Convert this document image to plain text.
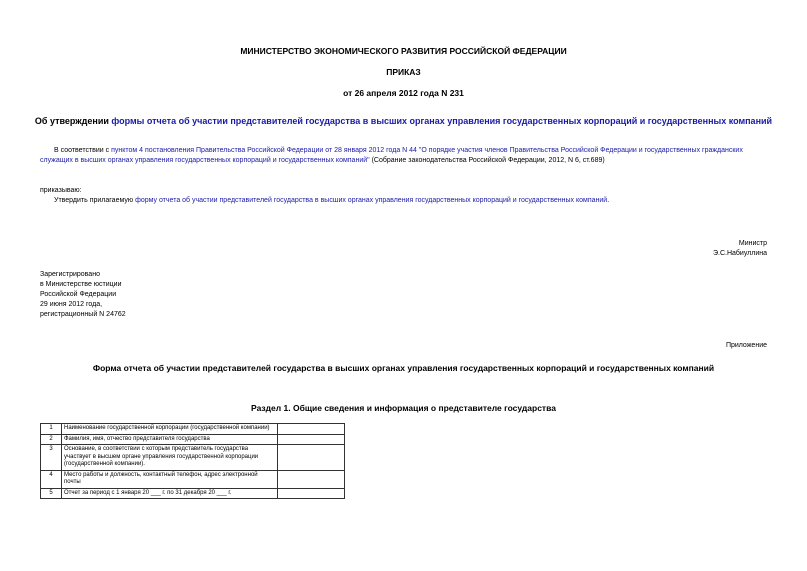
МИНИСТЕРСТВО ЭКОНОМИЧЕСКОГО РАЗВИТИЯ РОССИЙСКОЙ ФЕДЕРАЦИИ
ПРИКАЗ
от 26 апреля 2012 года N 231
Об утверждении формы отчета об участии представителей государства в высших органах управления государственных корпораций и государственных компаний
В соответствии с пунктом 4 постановления Правительства Российской Федерации от 28 января 2012 года N 44 "О порядке участия членов Правительства Российской Федерации и государственных гражданских служащих в высших органах управления государственных корпораций и государственных компаний" (Собрание законодательства Российской Федерации, 2012, N 6, ст.689)
приказываю:
Утвердить прилагаемую форму отчета об участии представителей государства в высших органах управления государственных корпораций и государственных компаний.
Министр
Э.С.Набиуллина
Зарегистрировано
в Министерстве юстиции
Российской Федерации
29 июня 2012 года,
регистрационный N 24762
Приложение
Форма отчета об участии представителей государства в высших органах управления государственных корпораций и государственных компаний
Раздел 1. Общие сведения и информация о представителе государства
1	Наименование государственной корпорации (государственной компании)	
2	Фамилия, имя, отчество представителя государства	
3	Основание, в соответствии с которым представитель государства участвует в высшем органе управления государственной корпорации (государственной компании).	
4	Место работы и должность, контактный телефон, адрес электронной почты	
5	Отчет за период с 1 января 20 ___ г. по 31 декабря 20 ___ г.	
